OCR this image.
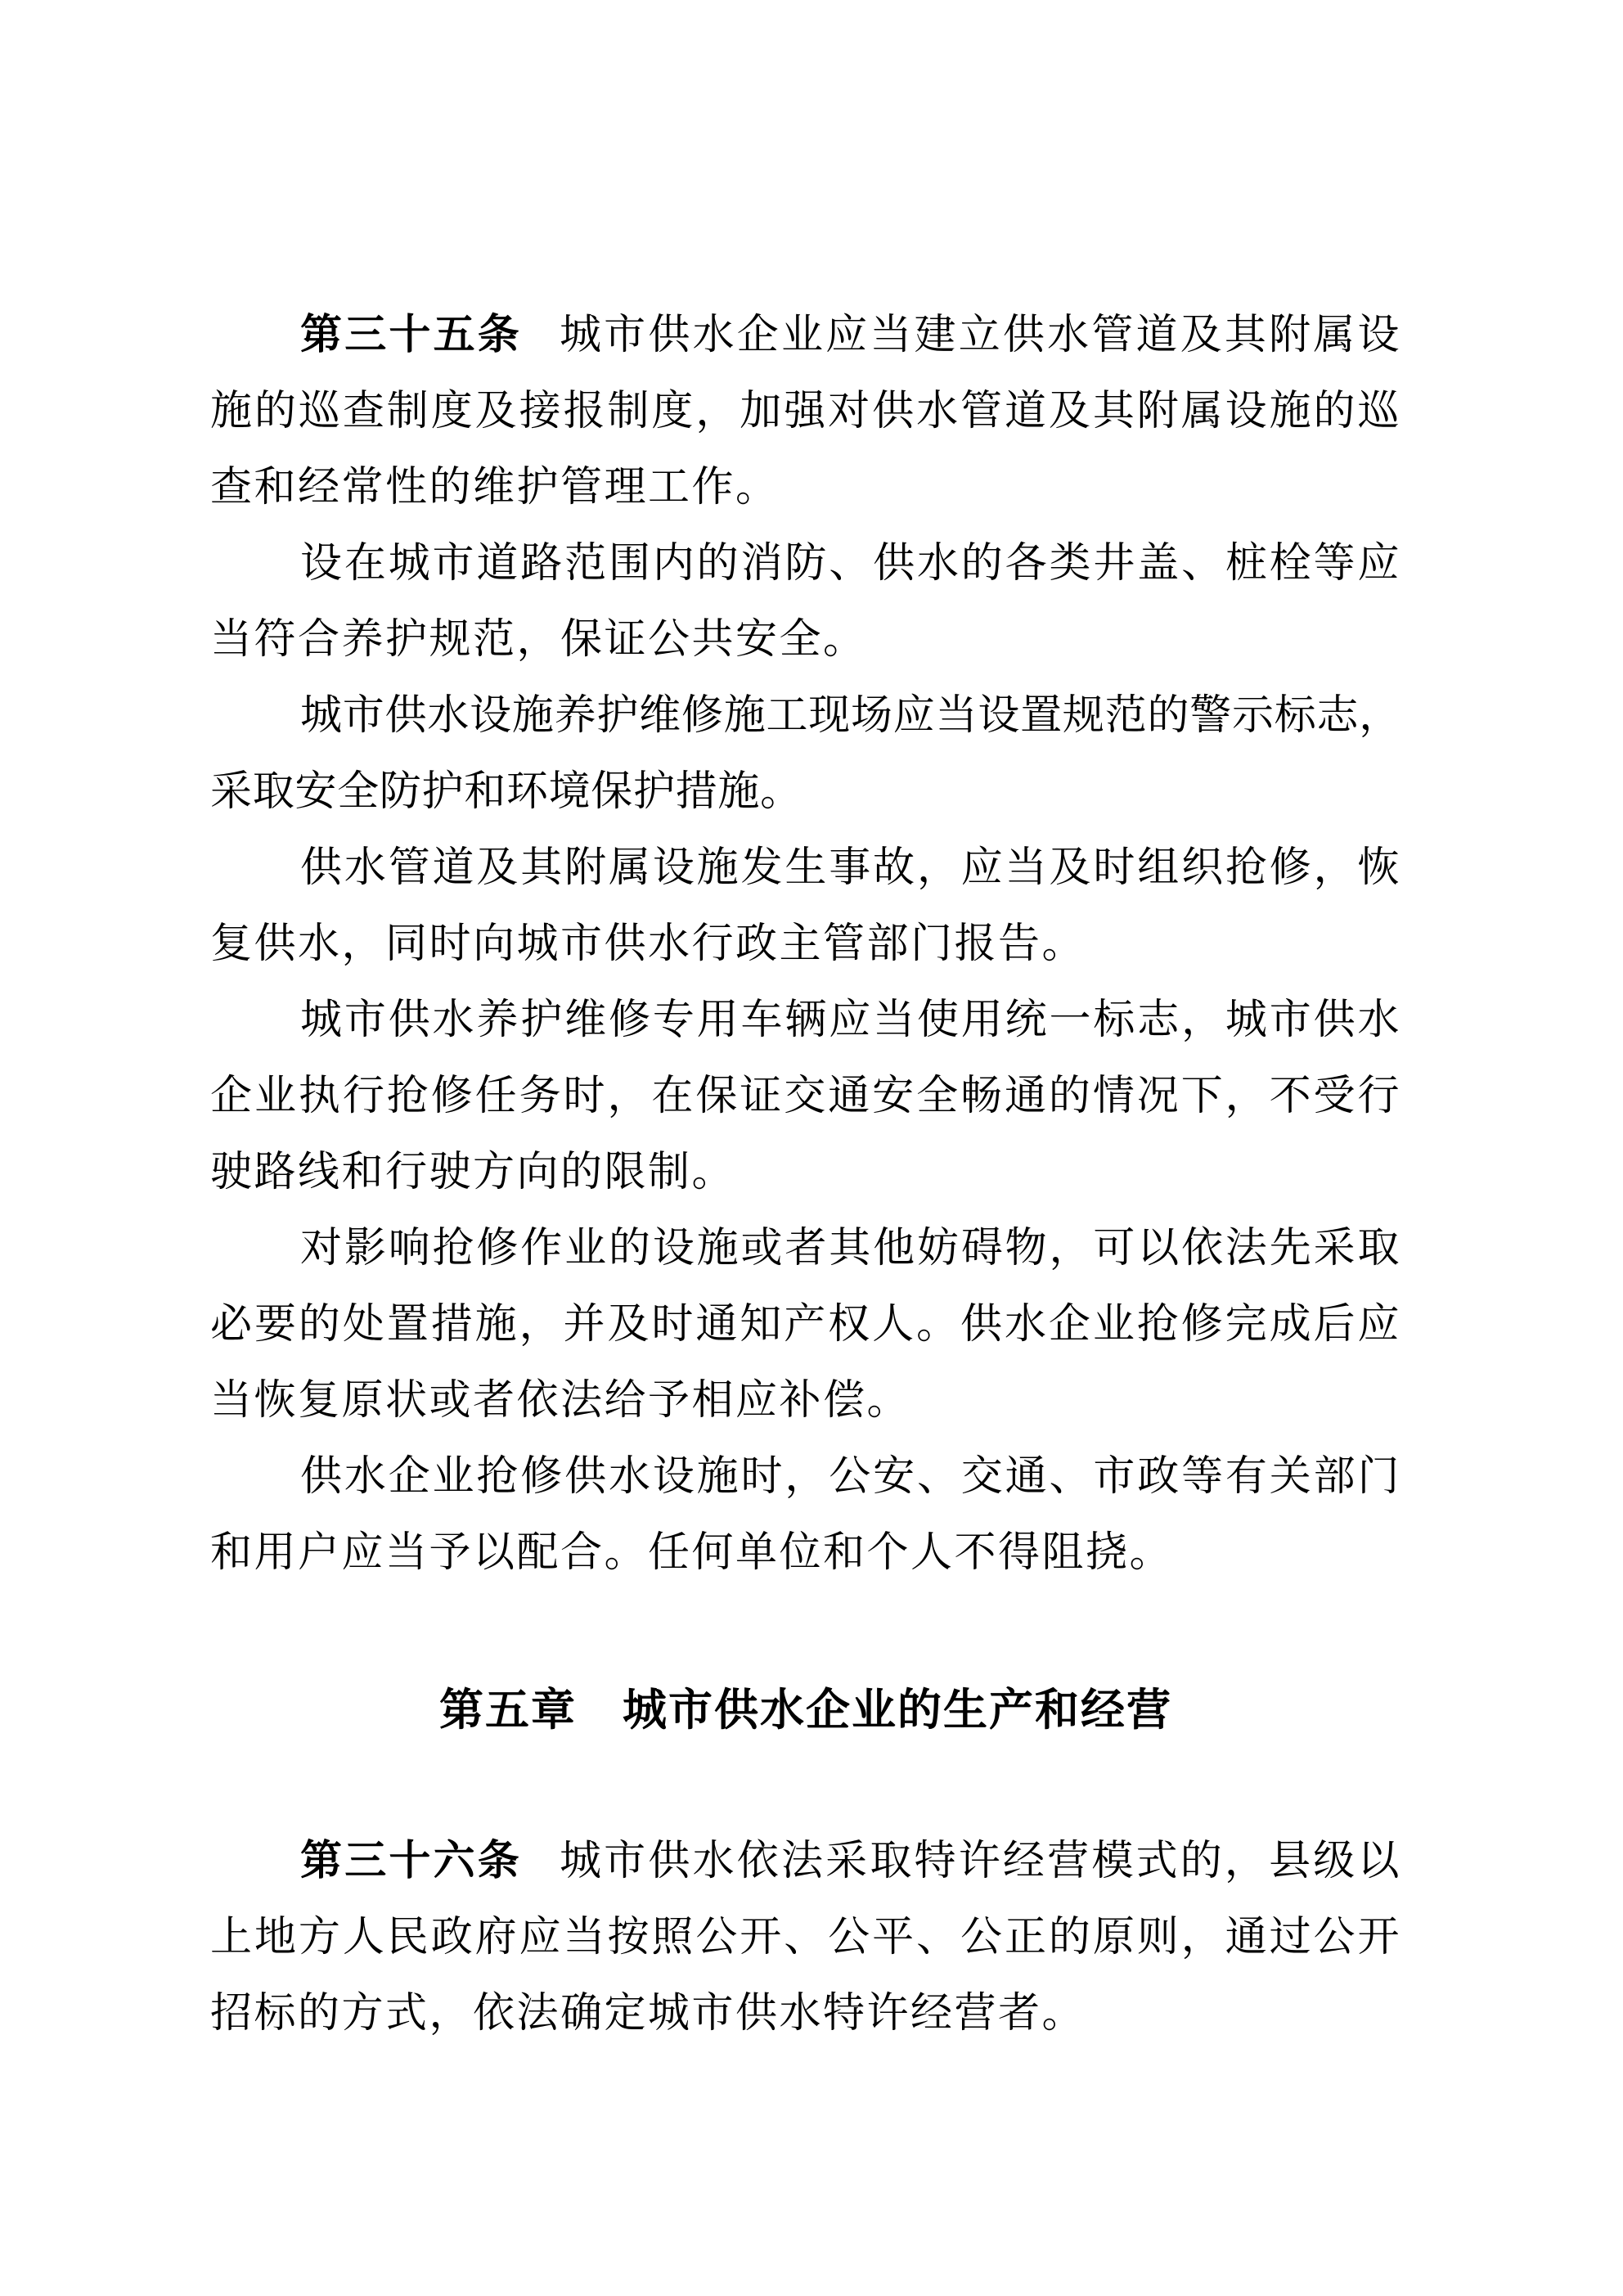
第三十五条 城市供水企业应当建立供水管道及其附属设施的巡查制度及接报制度，加强对供水管道及其附属设施的巡查和经常性的维护管理工作。

设在城市道路范围内的消防、供水的各类井盖、桩栓等应当符合养护规范，保证公共安全。

城市供水设施养护维修施工现场应当设置规范的警示标志，采取安全防护和环境保护措施。

供水管道及其附属设施发生事故，应当及时组织抢修，恢复供水，同时向城市供水行政主管部门报告。

城市供水养护维修专用车辆应当使用统一标志，城市供水企业执行抢修任务时，在保证交通安全畅通的情况下，不受行驶路线和行驶方向的限制。

对影响抢修作业的设施或者其他妨碍物，可以依法先采取必要的处置措施，并及时通知产权人。供水企业抢修完成后应当恢复原状或者依法给予相应补偿。

供水企业抢修供水设施时，公安、交通、市政等有关部门和用户应当予以配合。任何单位和个人不得阻挠。

第五章　城市供水企业的生产和经营

第三十六条 城市供水依法采取特许经营模式的，县级以上地方人民政府应当按照公开、公平、公正的原则，通过公开招标的方式，依法确定城市供水特许经营者。
